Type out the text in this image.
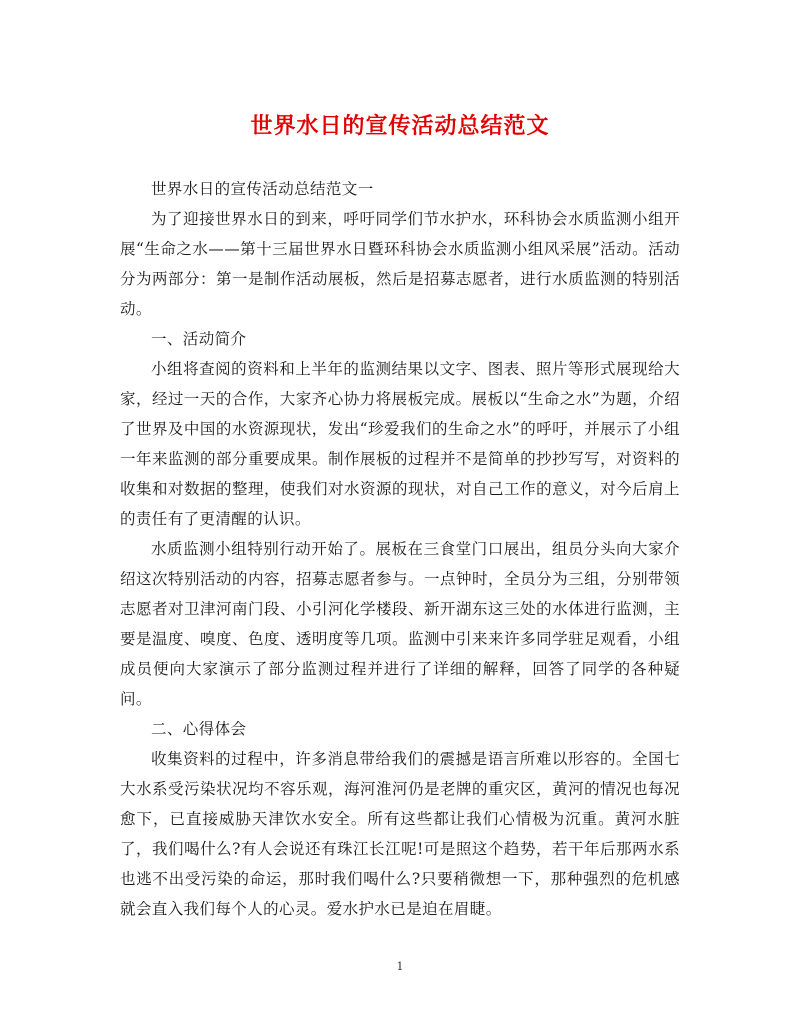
世界水日的宣传活动总结范文

世界水日的宣传活动总结范文一

为了迎接世界水日的到来，呼吁同学们节水护水，环科协会水质监测小组开展“生命之水——第十三届世界水日暨环科协会水质监测小组风采展”活动。活动分为两部分：第一是制作活动展板，然后是招募志愿者，进行水质监测的特别活动。

一、活动简介

小组将查阅的资料和上半年的监测结果以文字、图表、照片等形式展现给大家，经过一天的合作，大家齐心协力将展板完成。展板以“生命之水”为题，介绍了世界及中国的水资源现状，发出“珍爱我们的生命之水”的呼吁，并展示了小组一年来监测的部分重要成果。制作展板的过程并不是简单的抄抄写写，对资料的收集和对数据的整理，使我们对水资源的现状，对自己工作的意义，对今后肩上的责任有了更清醒的认识。

水质监测小组特别行动开始了。展板在三食堂门口展出，组员分头向大家介绍这次特别活动的内容，招募志愿者参与。一点钟时，全员分为三组，分别带领志愿者对卫津河南门段、小引河化学楼段、新开湖东这三处的水体进行监测，主要是温度、嗅度、色度、透明度等几项。监测中引来来许多同学驻足观看，小组成员便向大家演示了部分监测过程并进行了详细的解释，回答了同学的各种疑问。

二、心得体会

收集资料的过程中，许多消息带给我们的震撼是语言所难以形容的。全国七大水系受污染状况均不容乐观，海河淮河仍是老牌的重灾区，黄河的情况也每况愈下，已直接威胁天津饮水安全。所有这些都让我们心情极为沉重。黄河水脏了，我们喝什么?有人会说还有珠江长江呢!可是照这个趋势，若干年后那两水系也逃不出受污染的命运，那时我们喝什么?只要稍微想一下，那种强烈的危机感就会直入我们每个人的心灵。爱水护水已是迫在眉睫。

1
